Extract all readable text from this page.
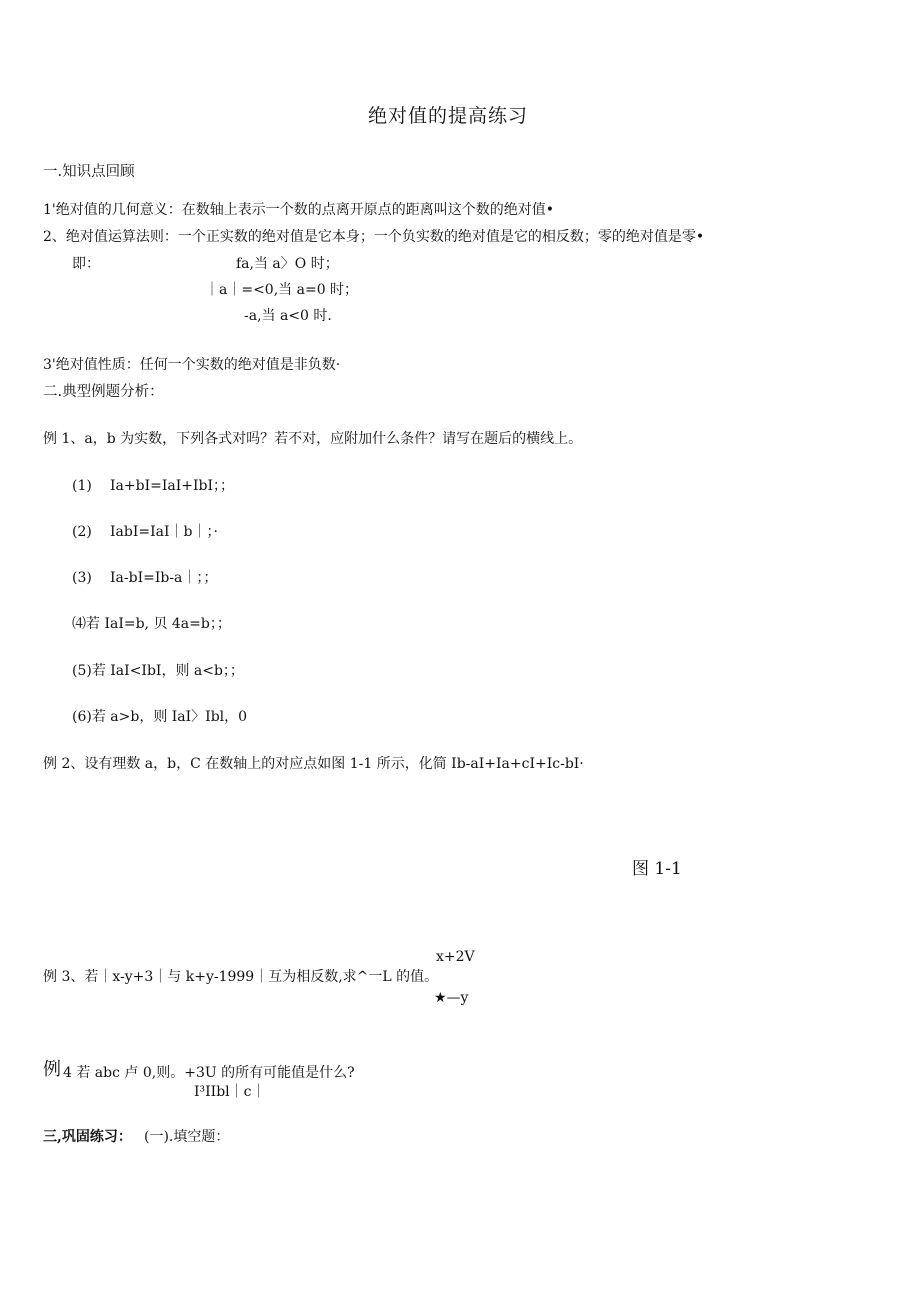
绝对值的提高练习
一.知识点回顾
1'绝对值的几何意义：在数轴上表示一个数的点离开原点的距离叫这个数的绝对值•
2、绝对值运算法则：一个正实数的绝对值是它本身；一个负实数的绝对值是它的相反数；零的绝对值是零•
即：	fa,当 a〉O 时；
｜a｜=<0,当 a=0 时；
-a,当 a<0 时.
3'绝对值性质：任何一个实数的绝对值是非负数·
二.典型例题分析：
例 1、a，b 为实数，下列各式对吗？若不对，应附加什么条件？请写在题后的横线上。
(1) Ia+bI=IaI+IbI；；
(2) IabI=IaI｜b｜；·
(3) Ia-bI=Ib-a｜；；
⑷若 IaI=b, 贝 4a=b；；
(5)若 IaI<IbI，则 a<b；；
(6)若 a>b，则 IaI〉Ibl，0
例 2、设有理数 a，b，C 在数轴上的对应点如图 1-1 所示，化简 Ib-aI+Ia+cI+Ic-bI·
图 1-1
x+2V
例 3、若｜x-y+3｜与 k+y-1999｜互为相反数,求^一L 的值。
★—y
例 4 若 abc 卢 0,则。+3U 的所有可能值是什么?
I³IIbl｜c｜
三,巩固练习： (一).填空题：
